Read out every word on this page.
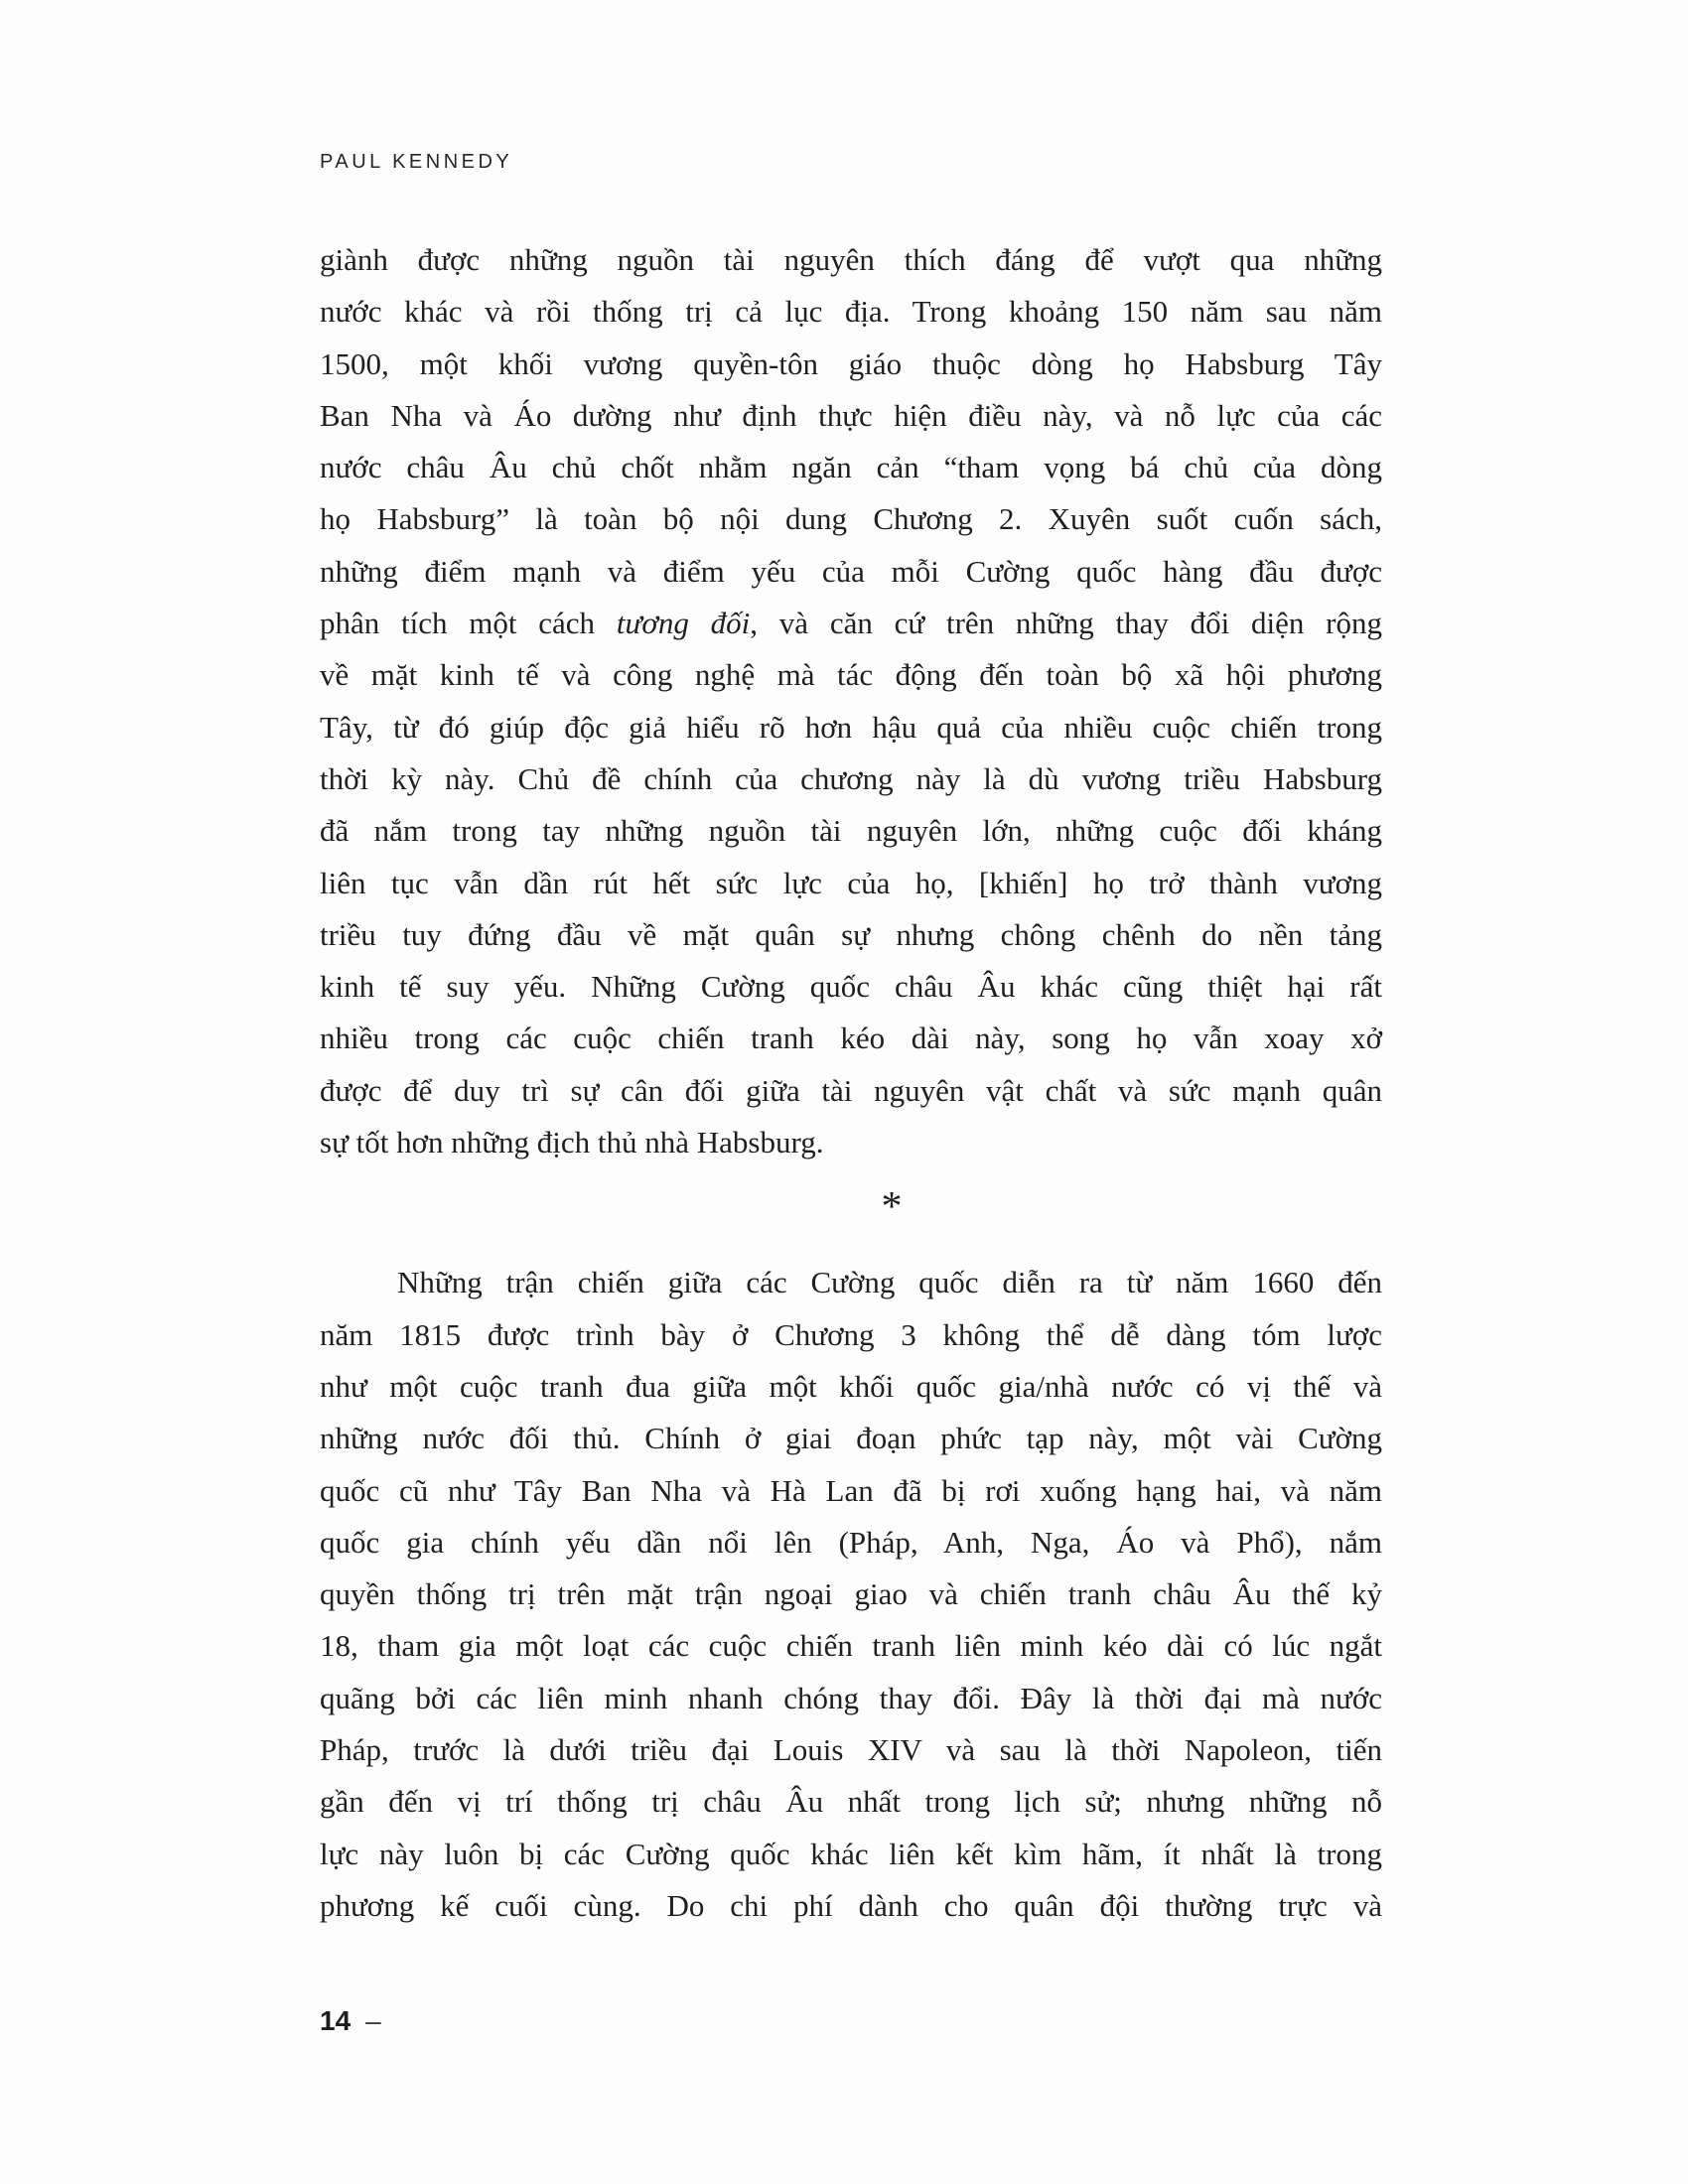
PAUL KENNEDY
giành được những nguồn tài nguyên thích đáng để vượt qua những
nước khác và rồi thống trị cả lục địa. Trong khoảng 150 năm sau năm
1500, một khối vương quyền-tôn giáo thuộc dòng họ Habsburg Tây
Ban Nha và Áo dường như định thực hiện điều này, và nỗ lực của các
nước châu Âu chủ chốt nhằm ngăn cản “tham vọng bá chủ của dòng
họ Habsburg” là toàn bộ nội dung Chương 2. Xuyên suốt cuốn sách,
những điểm mạnh và điểm yếu của mỗi Cường quốc hàng đầu được
phân tích một cách tương đối, và căn cứ trên những thay đổi diện rộng
về mặt kinh tế và công nghệ mà tác động đến toàn bộ xã hội phương
Tây, từ đó giúp độc giả hiểu rõ hơn hậu quả của nhiều cuộc chiến trong
thời kỳ này. Chủ đề chính của chương này là dù vương triều Habsburg
đã nắm trong tay những nguồn tài nguyên lớn, những cuộc đối kháng
liên tục vẫn dần rút hết sức lực của họ, [khiến] họ trở thành vương
triều tuy đứng đầu về mặt quân sự nhưng chông chênh do nền tảng
kinh tế suy yếu. Những Cường quốc châu Âu khác cũng thiệt hại rất
nhiều trong các cuộc chiến tranh kéo dài này, song họ vẫn xoay xở
được để duy trì sự cân đối giữa tài nguyên vật chất và sức mạnh quân
sự tốt hơn những địch thủ nhà Habsburg.
*
Những trận chiến giữa các Cường quốc diễn ra từ năm 1660 đến
năm 1815 được trình bày ở Chương 3 không thể dễ dàng tóm lược
như một cuộc tranh đua giữa một khối quốc gia/nhà nước có vị thế và
những nước đối thủ. Chính ở giai đoạn phức tạp này, một vài Cường
quốc cũ như Tây Ban Nha và Hà Lan đã bị rơi xuống hạng hai, và năm
quốc gia chính yếu dần nổi lên (Pháp, Anh, Nga, Áo và Phổ), nắm
quyền thống trị trên mặt trận ngoại giao và chiến tranh châu Âu thế kỷ
18, tham gia một loạt các cuộc chiến tranh liên minh kéo dài có lúc ngắt
quãng bởi các liên minh nhanh chóng thay đổi. Đây là thời đại mà nước
Pháp, trước là dưới triều đại Louis XIV và sau là thời Napoleon, tiến
gần đến vị trí thống trị châu Âu nhất trong lịch sử; nhưng những nỗ
lực này luôn bị các Cường quốc khác liên kết kìm hãm, ít nhất là trong
phương kế cuối cùng. Do chi phí dành cho quân đội thường trực và
14 –
